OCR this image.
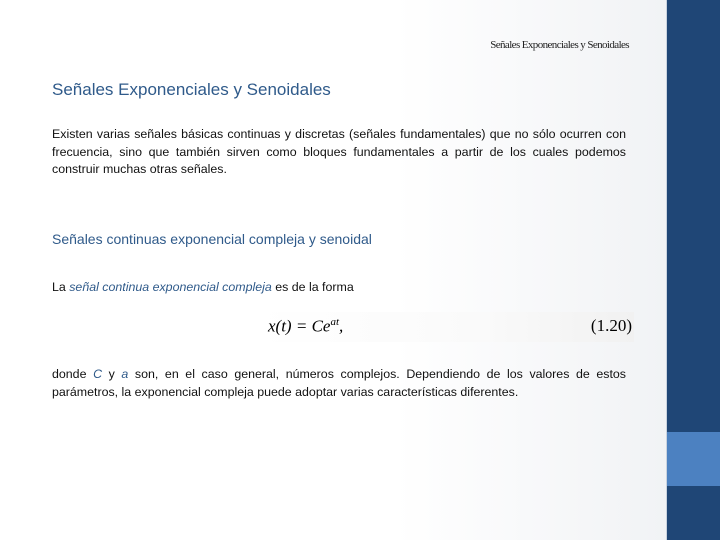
Señales Exponenciales y Senoidales
Señales Exponenciales y Senoidales
Existen varias señales básicas continuas y discretas (señales fundamentales) que no sólo ocurren con frecuencia, sino que también sirven como bloques fundamentales a partir de los cuales podemos construir muchas otras señales.
Señales continuas exponencial compleja y senoidal
La señal continua exponencial compleja es de la forma
$x(t) = Ce^{at}$,	(1.20)
donde C y a son, en el caso general, números complejos. Dependiendo de los valores de estos parámetros, la exponencial compleja puede adoptar varias características diferentes.
